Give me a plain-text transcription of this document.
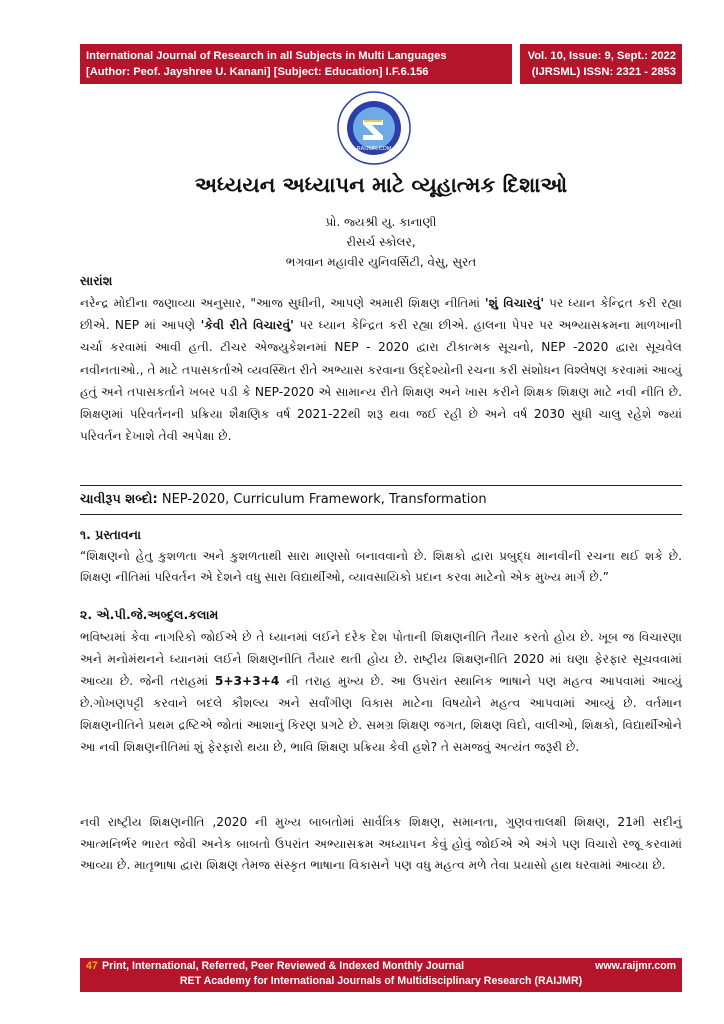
International Journal of Research in all Subjects in Multi Languages
[Author: Peof. Jayshree U. Kanani] [Subject: Education] I.F.6.156
Vol. 10, Issue: 9, Sept.: 2022
(IJRSML) ISSN: 2321 - 2853
RAIJMR.COM
અધ્યયન અધ્યાપન માટે વ્યૂહાત્મક દિશાઓ
પ્રો. જ્યશ્રી યુ. કાનાણી
રીસર્ચ સ્કોલર,
ભગવાન મહાવીર યુનિવર્સિટી, વેસુ, સુરત
સારાંશ
નરેન્દ્ર મોદીના જણાવ્યા અનુસાર, "આજ સુધીની, આપણે અમારી શિક્ષણ નીતિમાં 'શું વિચારવું' પર ધ્યાન કેન્દ્રિત કરી રહ્યા છીએ. NEP માં આપણે 'કેવી રીતે વિચારવું' પર ધ્યાન કેન્દ્રિત કરી રહ્યા છીએ. હાલના પેપર પર અભ્યાસક્રમના માળખાની ચર્ચા કરવામાં આવી હતી. ટીચર એજ્યુકેશનમાં NEP - 2020 દ્વારા ટીકાત્મક સૂચનો, NEP -2020 દ્વારા સૂચવેલ નવીનતાઓ., તે માટે તપાસકર્તાએ વ્યવસ્થિત રીતે અભ્યાસ કરવાના ઉદ્દેશ્યોની રચના કરી સંશોધન વિશ્લેષણ કરવામાં આવ્યું હતું અને તપાસકર્તાને ખબર પડી કે NEP-2020 એ સામાન્ય રીતે શિક્ષણ અને ખાસ કરીને શિક્ષક શિક્ષણ માટે નવી નીતિ છે. શિક્ષણમાં પરિવર્તનની પ્રક્રિયા શૈક્ષણિક વર્ષ 2021-22થી શરૂ થવા જઈ રહી છે અને વર્ષ 2030 સુધી ચાલુ રહેશે જ્યાં પરિવર્તન દેખાશે તેવી અપેક્ષા છે.
ચાવીરૂપ શબ્દો: NEP-2020, Curriculum Framework, Transformation
૧. પ્રસ્તાવના
“શિક્ષણનો હેતુ કુશળતા અને કુશળતાથી સારા માણસો બનાવવાનો છે. શિક્ષકો દ્વારા પ્રબુદ્ધ માનવીની રચના થઈ શકે છે. શિક્ષણ નીતિમાં પરિવર્તન એ દેશને વધુ સારા વિદ્યાર્થીઓ, વ્યાવસાયિકો પ્રદાન કરવા માટેનો એક મુખ્ય માર્ગ છે.”
૨. એ.પી.જે.અબ્દુલ.કલામ
ભવિષ્યમાં કેવા નાગરિકો જોઈએ છે તે ધ્યાનમાં લઈને દરેક દેશ પોતાની શિક્ષણનીતિ તૈયાર કરતો હોય છે. ખૂબ જ વિચારણા અને મનોમંથનને ધ્યાનમાં લઈને શિક્ષણનીતિ તૈયાર થતી હોય છે. રાષ્ટ્રીય શિક્ષણનીતિ 2020 માં ઘણા ફેરફાર સૂચવવામાં આવ્યા છે. જેની તરાહમાં 5+3+3+4 ની તરાહ મુખ્ય છે. આ ઉપરાંત સ્થાનિક ભાષાને પણ મહત્વ આપવામાં આવ્યું છે.ગોખણપટ્ટી કરવાને બદલે કૌશલ્ય અને સર્વાંગીણ વિકાસ માટેના વિષયોને મહત્વ આપવામાં આવ્યું છે. વર્તમાન શિક્ષણનીતિને પ્રથમ દ્રષ્ટિએ જોતાં આશાનું કિરણ પ્રગટે છે. સમગ્ર શિક્ષણ જગત, શિક્ષણ વિદો, વાલીઓ, શિક્ષકો, વિદ્યાર્થીઓને આ નવી શિક્ષણનીતિમાં શું ફેરફારો થયા છે, ભાવિ શિક્ષણ પ્રક્રિયા કેવી હશે? તે સમજવું અત્યંત જરૂરી છે.
નવી રાષ્ટ્રીય શિક્ષણનીતિ ,2020 ની મુખ્ય બાબતોમાં સાર્વત્રિક શિક્ષણ, સમાનતા, ગુણવત્તાલક્ષી શિક્ષણ, 21મી સદીનું આત્મનિર્ભર ભારત જેવી અનેક બાબતો ઉપરાંત અભ્યાસક્રમ અધ્યાપન કેવું હોવું જોઈએ એ અંગે પણ વિચારો રજૂ કરવામાં આવ્યા છે. માતૃભાષા દ્વારા શિક્ષણ તેમજ સંસ્કૃત ભાષાના વિકાસને પણ વધુ મહત્વ મળે તેવા પ્રયાસો હાથ ધરવામાં આવ્યા છે.
47 Print, International, Referred, Peer Reviewed & Indexed Monthly Journal	www.raijmr.com
RET Academy for International Journals of Multidisciplinary Research (RAIJMR)
